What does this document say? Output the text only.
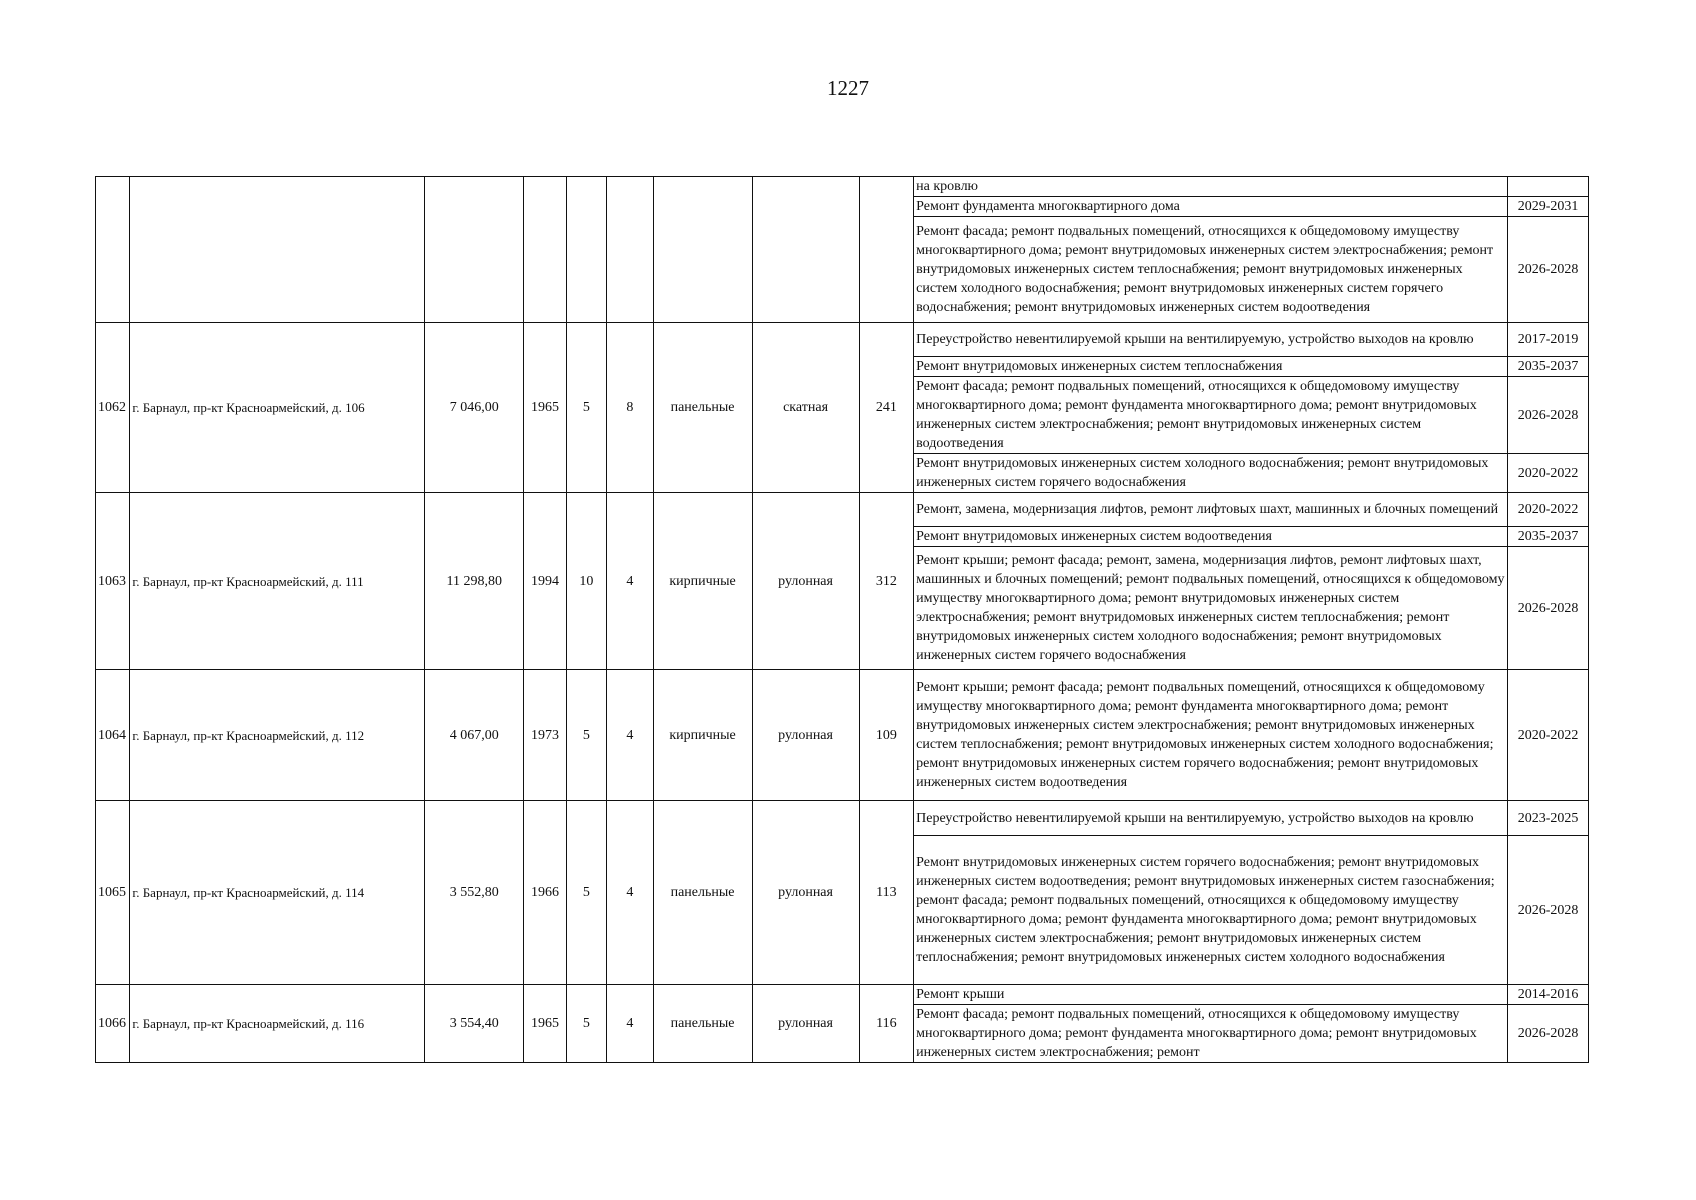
1227
									на кровлю	
									Ремонт фундамента многоквартирного дома	2029-2031
									Ремонт фасада; ремонт подвальных помещений, относящихся к общедомовому имуществу многоквартирного дома; ремонт внутридомовых инженерных систем электроснабжения; ремонт внутридомовых инженерных систем теплоснабжения; ремонт внутридомовых инженерных систем холодного водоснабжения; ремонт внутридомовых инженерных систем горячего водоснабжения; ремонт внутридомовых инженерных систем водоотведения	2026-2028
1062	г. Барнаул, пр-кт Красноармейский, д. 106	7 046,00	1965	5	8	панельные	скатная	241	Переустройство невентилируемой крыши на вентилируемую, устройство выходов на кровлю	2017-2019
									Ремонт внутридомовых инженерных систем теплоснабжения	2035-2037
									Ремонт фасада; ремонт подвальных помещений, относящихся к общедомовому имуществу многоквартирного дома; ремонт фундамента многоквартирного дома; ремонт внутридомовых инженерных систем электроснабжения; ремонт внутридомовых инженерных систем водоотведения	2026-2028
									Ремонт внутридомовых инженерных систем холодного водоснабжения; ремонт внутридомовых инженерных систем горячего водоснабжения	2020-2022
1063	г. Барнаул, пр-кт Красноармейский, д. 111	11 298,80	1994	10	4	кирпичные	рулонная	312	Ремонт, замена, модернизация лифтов, ремонт лифтовых шахт, машинных и блочных помещений	2020-2022
									Ремонт внутридомовых инженерных систем водоотведения	2035-2037
									Ремонт крыши; ремонт фасада; ремонт, замена, модернизация лифтов, ремонт лифтовых шахт, машинных и блочных помещений; ремонт подвальных помещений, относящихся к общедомовому имуществу многоквартирного дома; ремонт внутридомовых инженерных систем электроснабжения; ремонт внутридомовых инженерных систем теплоснабжения; ремонт внутридомовых инженерных систем холодного водоснабжения; ремонт внутридомовых инженерных систем горячего водоснабжения	2026-2028
1064	г. Барнаул, пр-кт Красноармейский, д. 112	4 067,00	1973	5	4	кирпичные	рулонная	109	Ремонт крыши; ремонт фасада; ремонт подвальных помещений, относящихся к общедомовому имуществу многоквартирного дома; ремонт фундамента многоквартирного дома; ремонт внутридомовых инженерных систем электроснабжения; ремонт внутридомовых инженерных систем теплоснабжения; ремонт внутридомовых инженерных систем холодного водоснабжения; ремонт внутридомовых инженерных систем горячего водоснабжения; ремонт внутридомовых инженерных систем водоотведения	2020-2022
1065	г. Барнаул, пр-кт Красноармейский, д. 114	3 552,80	1966	5	4	панельные	рулонная	113	Переустройство невентилируемой крыши на вентилируемую, устройство выходов на кровлю	2023-2025
									Ремонт внутридомовых инженерных систем горячего водоснабжения; ремонт внутридомовых инженерных систем водоотведения; ремонт внутридомовых инженерных систем газоснабжения; ремонт фасада; ремонт подвальных помещений, относящихся к общедомовому имуществу многоквартирного дома; ремонт фундамента многоквартирного дома; ремонт внутридомовых инженерных систем электроснабжения; ремонт внутридомовых инженерных систем теплоснабжения; ремонт внутридомовых инженерных систем холодного водоснабжения	2026-2028
1066	г. Барнаул, пр-кт Красноармейский, д. 116	3 554,40	1965	5	4	панельные	рулонная	116	Ремонт крыши	2014-2016
									Ремонт фасада; ремонт подвальных помещений, относящихся к общедомовому имуществу многоквартирного дома; ремонт фундамента многоквартирного дома; ремонт внутридомовых инженерных систем электроснабжения; ремонт	2026-2028
